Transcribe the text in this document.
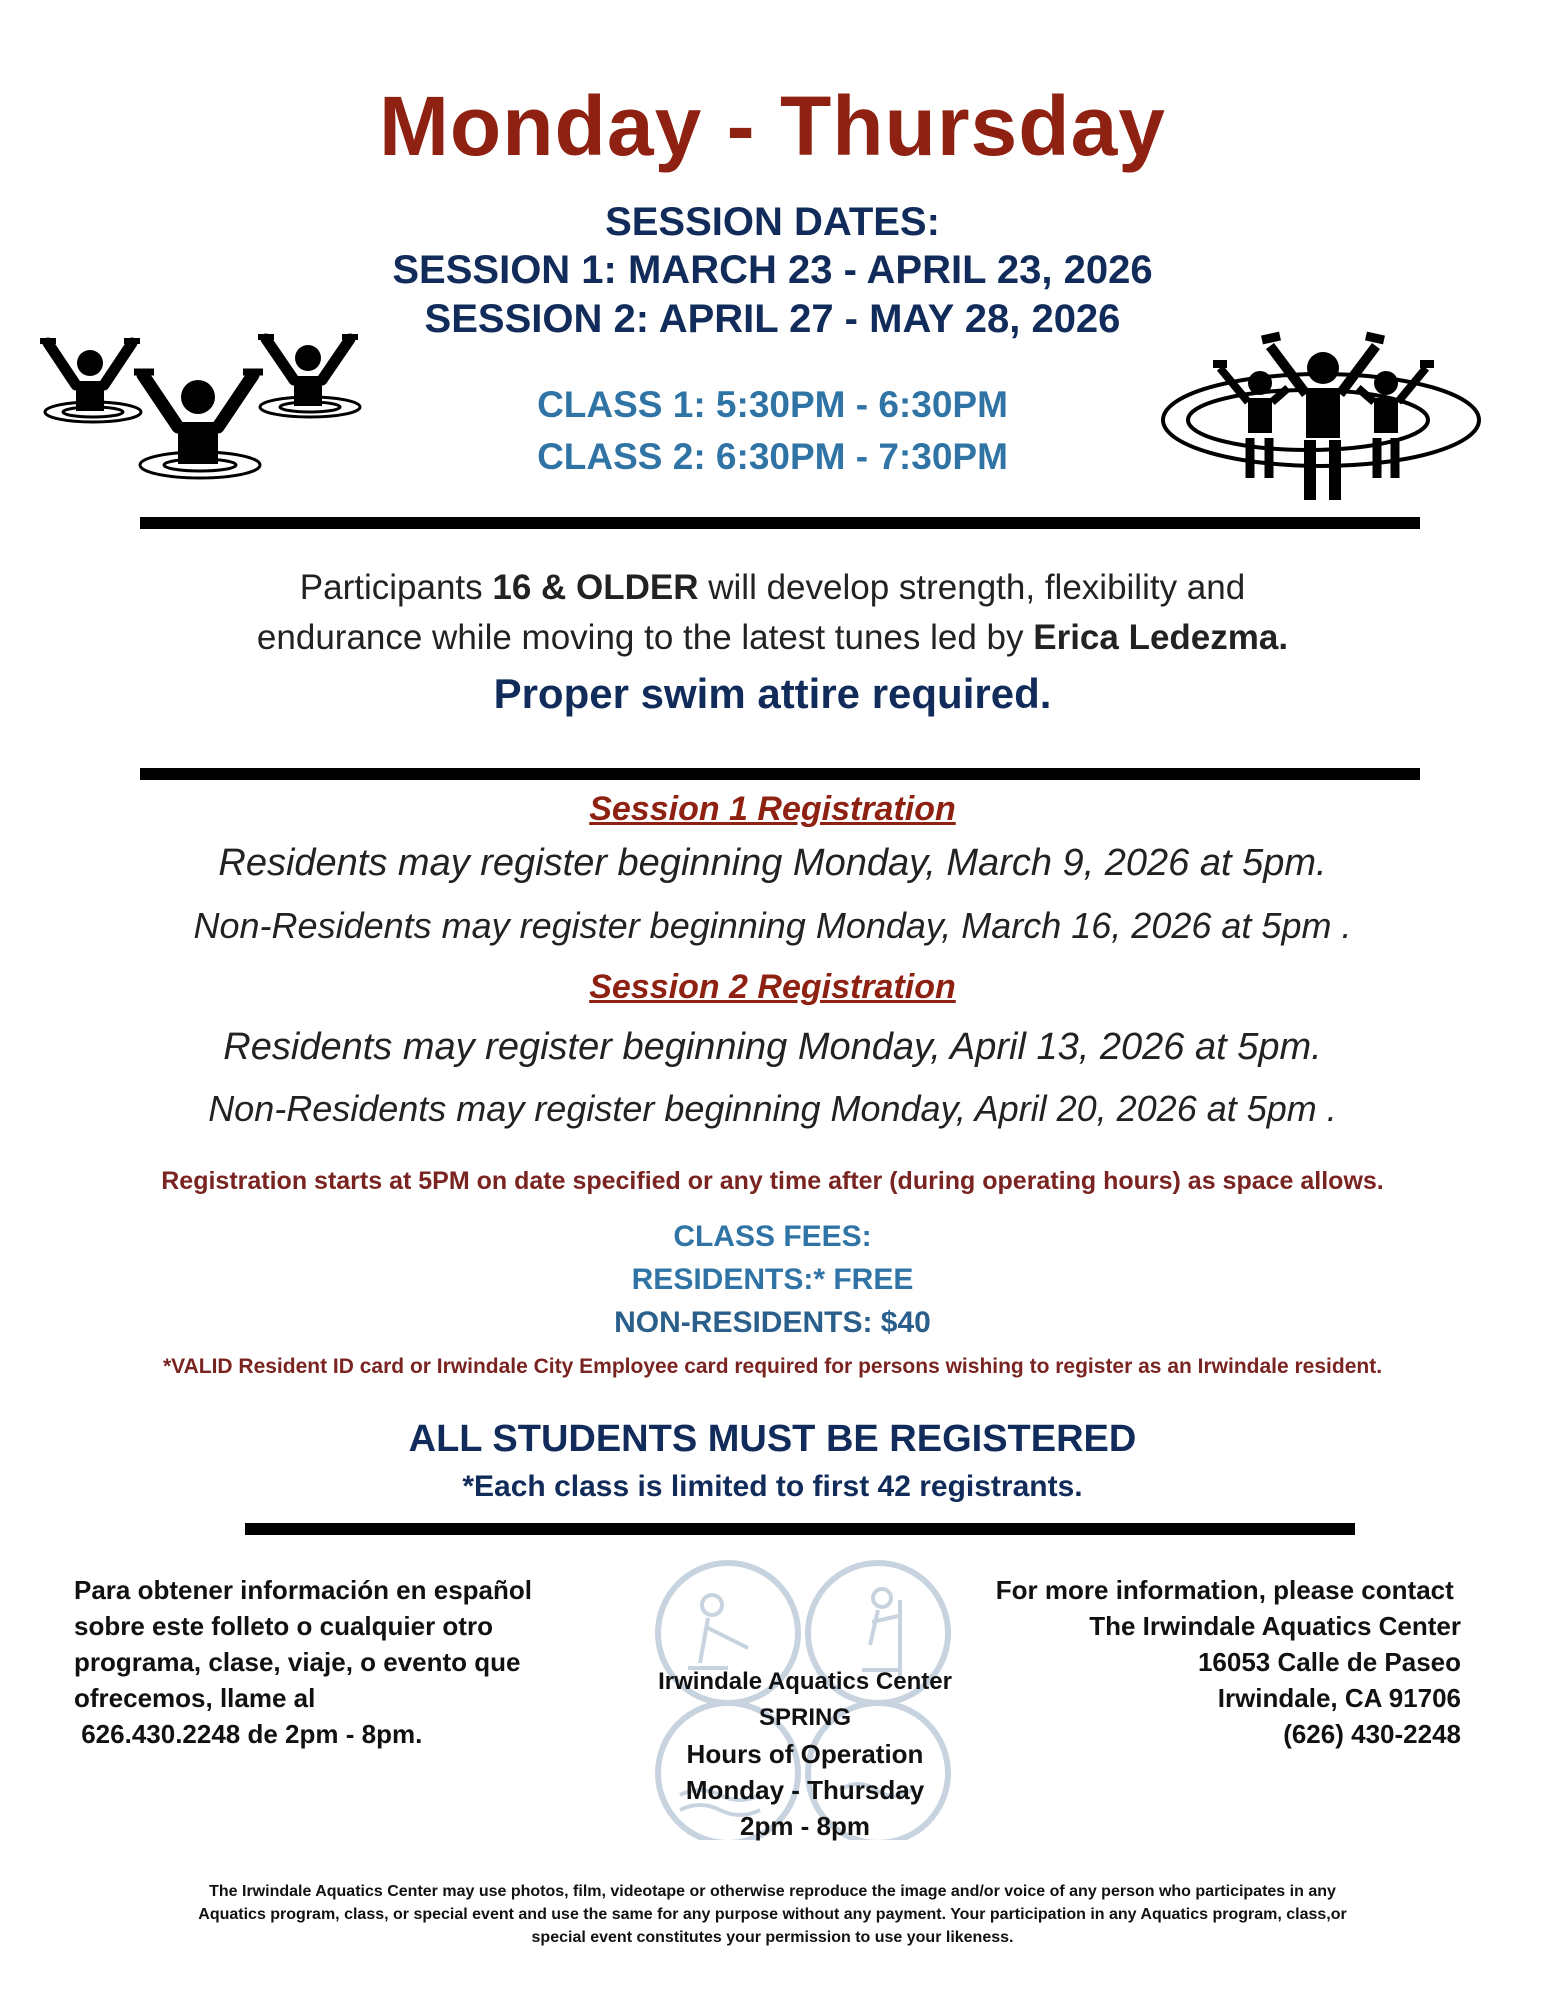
Monday - Thursday
SESSION DATES:
SESSION 1: MARCH 23 - APRIL 23, 2026
SESSION 2: APRIL 27 - MAY 28, 2026
CLASS 1: 5:30PM - 6:30PM
CLASS 2: 6:30PM - 7:30PM
Participants 16 & OLDER will develop strength, flexibility and
endurance while moving to the latest tunes led by Erica Ledezma.
Proper swim attire required.
Session 1 Registration
Residents may register beginning Monday, March 9, 2026 at 5pm.
Non-Residents may register beginning Monday, March 16, 2026 at 5pm .
Session 2 Registration
Residents may register beginning Monday, April 13, 2026 at 5pm.
Non-Residents may register beginning Monday, April 20, 2026 at 5pm .
Registration starts at 5PM on date specified or any time after (during operating hours) as space allows.
CLASS FEES:
RESIDENTS:* FREE
NON-RESIDENTS: $40
*VALID Resident ID card or Irwindale City Employee card required for persons wishing to register as an Irwindale resident.
ALL STUDENTS MUST BE REGISTERED
*Each class is limited to first 42 registrants.
Para obtener información en español
sobre este folleto o cualquier otro
programa, clase, viaje, o evento que
ofrecemos, llame al
626.430.2248 de 2pm - 8pm.
Irwindale Aquatics Center
SPRING
Hours of Operation
Monday - Thursday
2pm - 8pm
For more information, please contact
The Irwindale Aquatics Center
16053 Calle de Paseo
Irwindale, CA 91706
(626) 430-2248
The Irwindale Aquatics Center may use photos, film, videotape or otherwise reproduce the image and/or voice of any person who participates in any
Aquatics program, class, or special event and use the same for any purpose without any payment. Your participation in any Aquatics program, class,or
special event constitutes your permission to use your likeness.
